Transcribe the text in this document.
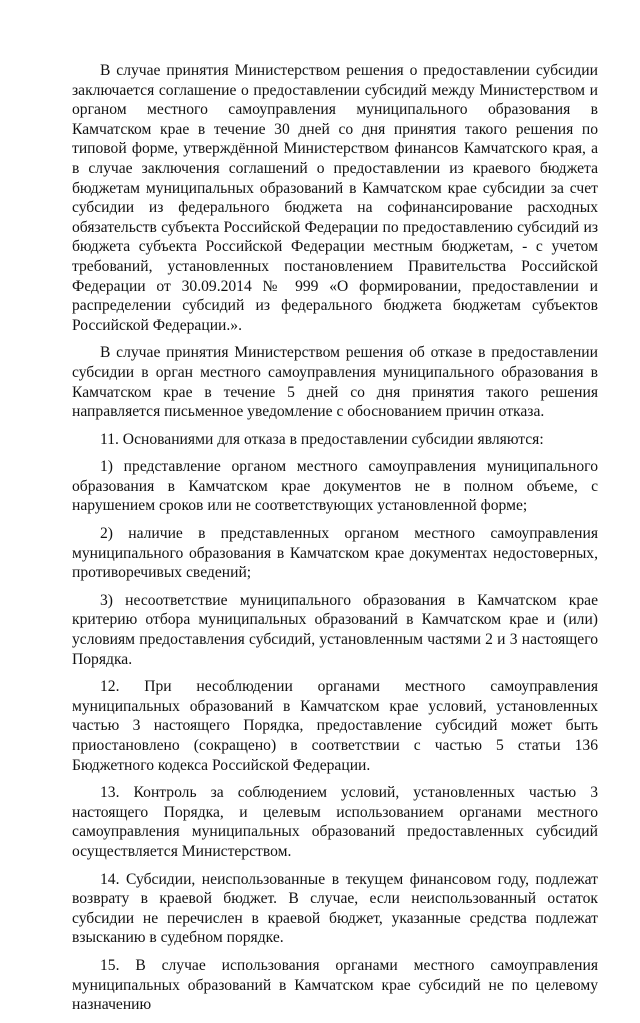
В случае принятия Министерством решения о предоставлении субсидии заключается соглашение о предоставлении субсидий между Министерством и органом местного самоуправления муниципального образования в Камчатском крае в течение 30 дней со дня принятия такого решения по типовой форме, утверждённой Министерством финансов Камчатского края, а в случае заключения соглашений о предоставлении из краевого бюджета бюджетам муниципальных образований в Камчатском крае субсидии за счет субсидии из федерального бюджета на софинансирование расходных обязательств субъекта Российской Федерации по предоставлению субсидий из бюджета субъекта Российской Федерации местным бюджетам, - с учетом требований, установленных постановлением Правительства Российской Федерации от 30.09.2014 № 999 «О формировании, предоставлении и распределении субсидий из федерального бюджета бюджетам субъектов Российской Федерации.».

В случае принятия Министерством решения об отказе в предоставлении субсидии в орган местного самоуправления муниципального образования в Камчатском крае в течение 5 дней со дня принятия такого решения направляется письменное уведомление с обоснованием причин отказа.

11. Основаниями для отказа в предоставлении субсидии являются:

1) представление органом местного самоуправления муниципального образования в Камчатском крае документов не в полном объеме, с нарушением сроков или не соответствующих установленной форме;

2) наличие в представленных органом местного самоуправления муниципального образования в Камчатском крае документах недостоверных, противоречивых сведений;

3) несоответствие муниципального образования в Камчатском крае критерию отбора муниципальных образований в Камчатском крае и (или) условиям предоставления субсидий, установленным частями 2 и 3 настоящего Порядка.

12. При несоблюдении органами местного самоуправления муниципальных образований в Камчатском крае условий, установленных частью 3 настоящего Порядка, предоставление субсидий может быть приостановлено (сокращено) в соответствии с частью 5 статьи 136 Бюджетного кодекса Российской Федерации.

13. Контроль за соблюдением условий, установленных частью 3 настоящего Порядка, и целевым использованием органами местного самоуправления муниципальных образований предоставленных субсидий осуществляется Министерством.

14. Субсидии, неиспользованные в текущем финансовом году, подлежат возврату в краевой бюджет. В случае, если неиспользованный остаток субсидии не перечислен в краевой бюджет, указанные средства подлежат взысканию в судебном порядке.

15. В случае использования органами местного самоуправления муниципальных образований в Камчатском крае субсидий не по целевому назначению
